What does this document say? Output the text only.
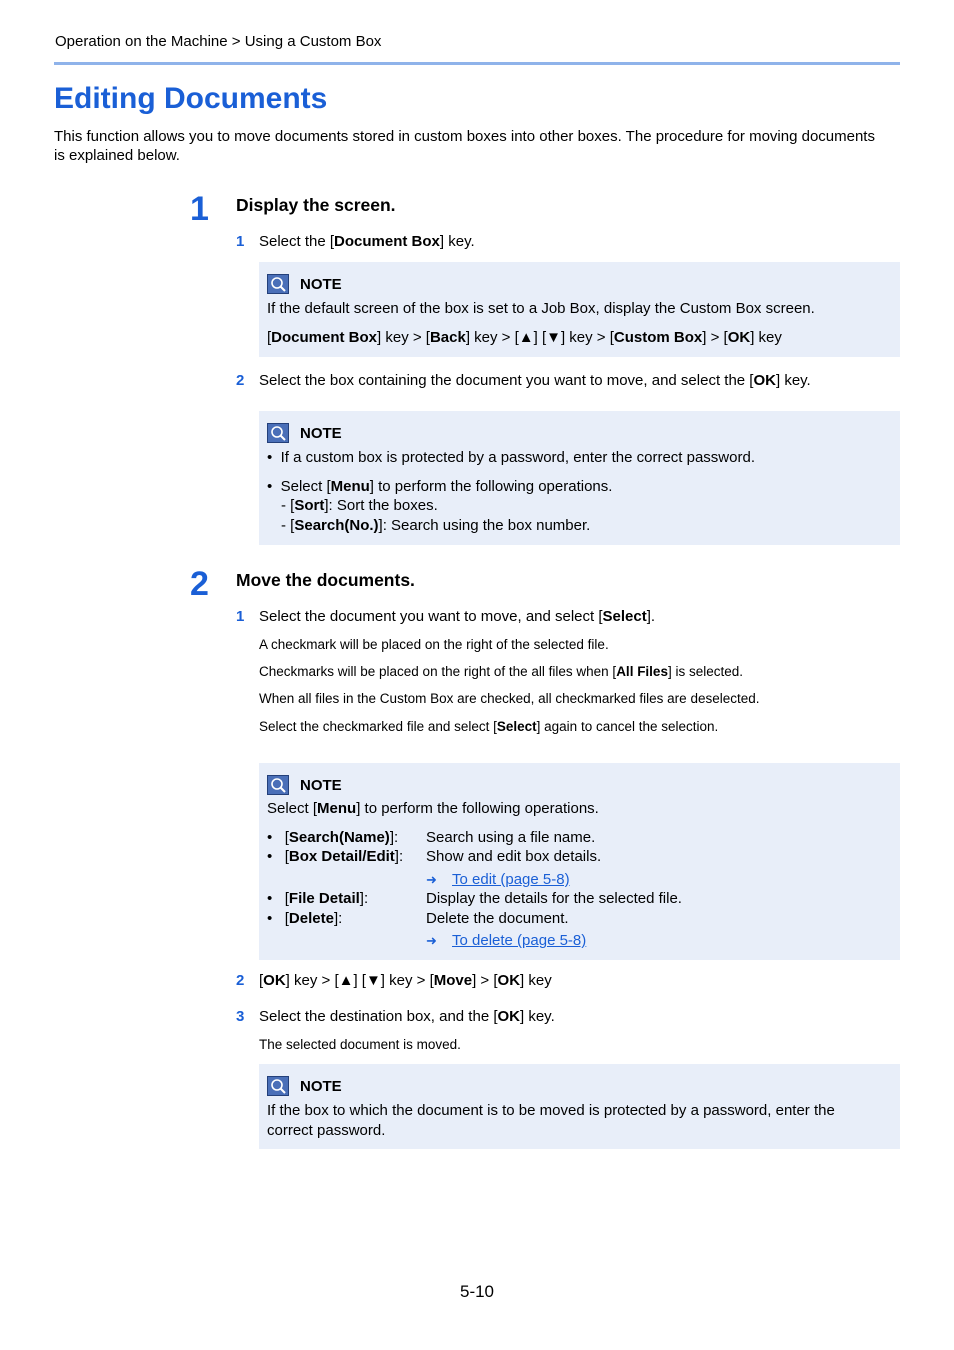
Operation on the Machine > Using a Custom Box
Editing Documents
This function allows you to move documents stored in custom boxes into other boxes. The procedure for moving documents is explained below.
1 Display the screen.
1 Select the [Document Box] key.
NOTE
If the default screen of the box is set to a Job Box, display the Custom Box screen.
[Document Box] key > [Back] key > [▲] [▼] key > [Custom Box] > [OK] key
2 Select the box containing the document you want to move, and select the [OK] key.
NOTE
•  If a custom box is protected by a password, enter the correct password.
•  Select [Menu] to perform the following operations.
- [Sort]: Sort the boxes.
- [Search(No.)]: Search using the box number.
2 Move the documents.
1 Select the document you want to move, and select [Select].
A checkmark will be placed on the right of the selected file.
Checkmarks will be placed on the right of the all files when [All Files] is selected.
When all files in the Custom Box are checked, all checkmarked files are deselected.
Select the checkmarked file and select [Select] again to cancel the selection.
NOTE
Select [Menu] to perform the following operations.
•   [Search(Name)]: Search using a file name.
•   [Box Detail/Edit]: Show and edit box details.
➜ To edit (page 5-8)
•   [File Detail]:	Display the details for the selected file.
•   [Delete]:	Delete the document.
➜ To delete (page 5-8)
2 [OK] key > [▲] [▼] key > [Move] > [OK] key
3 Select the destination box, and the [OK] key.
The selected document is moved.
NOTE
If the box to which the document is to be moved is protected by a password, enter the
correct password.
5-10
